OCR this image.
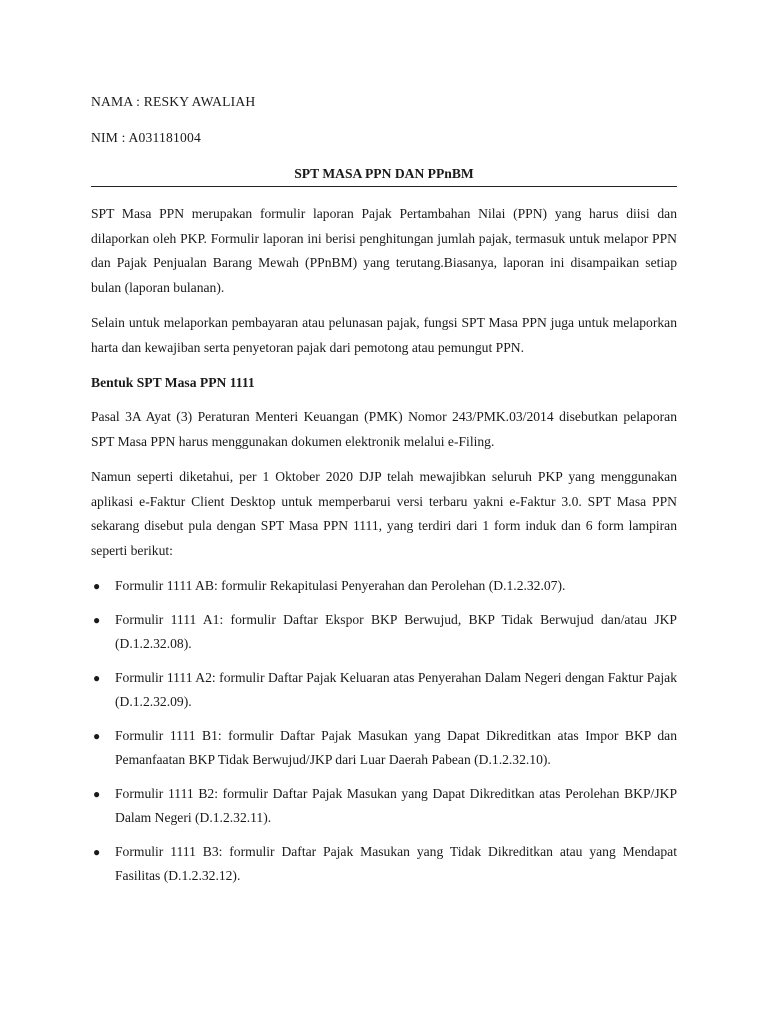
NAMA : RESKY AWALIAH
NIM : A031181004
SPT MASA PPN DAN PPnBM

SPT Masa PPN merupakan formulir laporan Pajak Pertambahan Nilai (PPN) yang harus diisi dan dilaporkan oleh PKP. Formulir laporan ini berisi penghitungan jumlah pajak, termasuk untuk melapor PPN dan Pajak Penjualan Barang Mewah (PPnBM) yang terutang.Biasanya, laporan ini disampaikan setiap bulan (laporan bulanan).

Selain untuk melaporkan pembayaran atau pelunasan pajak, fungsi SPT Masa PPN juga untuk melaporkan harta dan kewajiban serta penyetoran pajak dari pemotong atau pemungut PPN.

Bentuk SPT Masa PPN 1111

Pasal 3A Ayat (3) Peraturan Menteri Keuangan (PMK) Nomor 243/PMK.03/2014 disebutkan pelaporan SPT Masa PPN harus menggunakan dokumen elektronik melalui e-Filing.

Namun seperti diketahui, per 1 Oktober 2020 DJP telah mewajibkan seluruh PKP yang menggunakan aplikasi e-Faktur Client Desktop untuk memperbarui versi terbaru yakni e-Faktur 3.0. SPT Masa PPN sekarang disebut pula dengan SPT Masa PPN 1111, yang terdiri dari 1 form induk dan 6 form lampiran seperti berikut:

● Formulir 1111 AB: formulir Rekapitulasi Penyerahan dan Perolehan (D.1.2.32.07).
● Formulir 1111 A1: formulir Daftar Ekspor BKP Berwujud, BKP Tidak Berwujud dan/atau JKP (D.1.2.32.08).
● Formulir 1111 A2: formulir Daftar Pajak Keluaran atas Penyerahan Dalam Negeri dengan Faktur Pajak (D.1.2.32.09).
● Formulir 1111 B1: formulir Daftar Pajak Masukan yang Dapat Dikreditkan atas Impor BKP dan Pemanfaatan BKP Tidak Berwujud/JKP dari Luar Daerah Pabean (D.1.2.32.10).
● Formulir 1111 B2: formulir Daftar Pajak Masukan yang Dapat Dikreditkan atas Perolehan BKP/JKP Dalam Negeri (D.1.2.32.11).
● Formulir 1111 B3: formulir Daftar Pajak Masukan yang Tidak Dikreditkan atau yang Mendapat Fasilitas (D.1.2.32.12).
